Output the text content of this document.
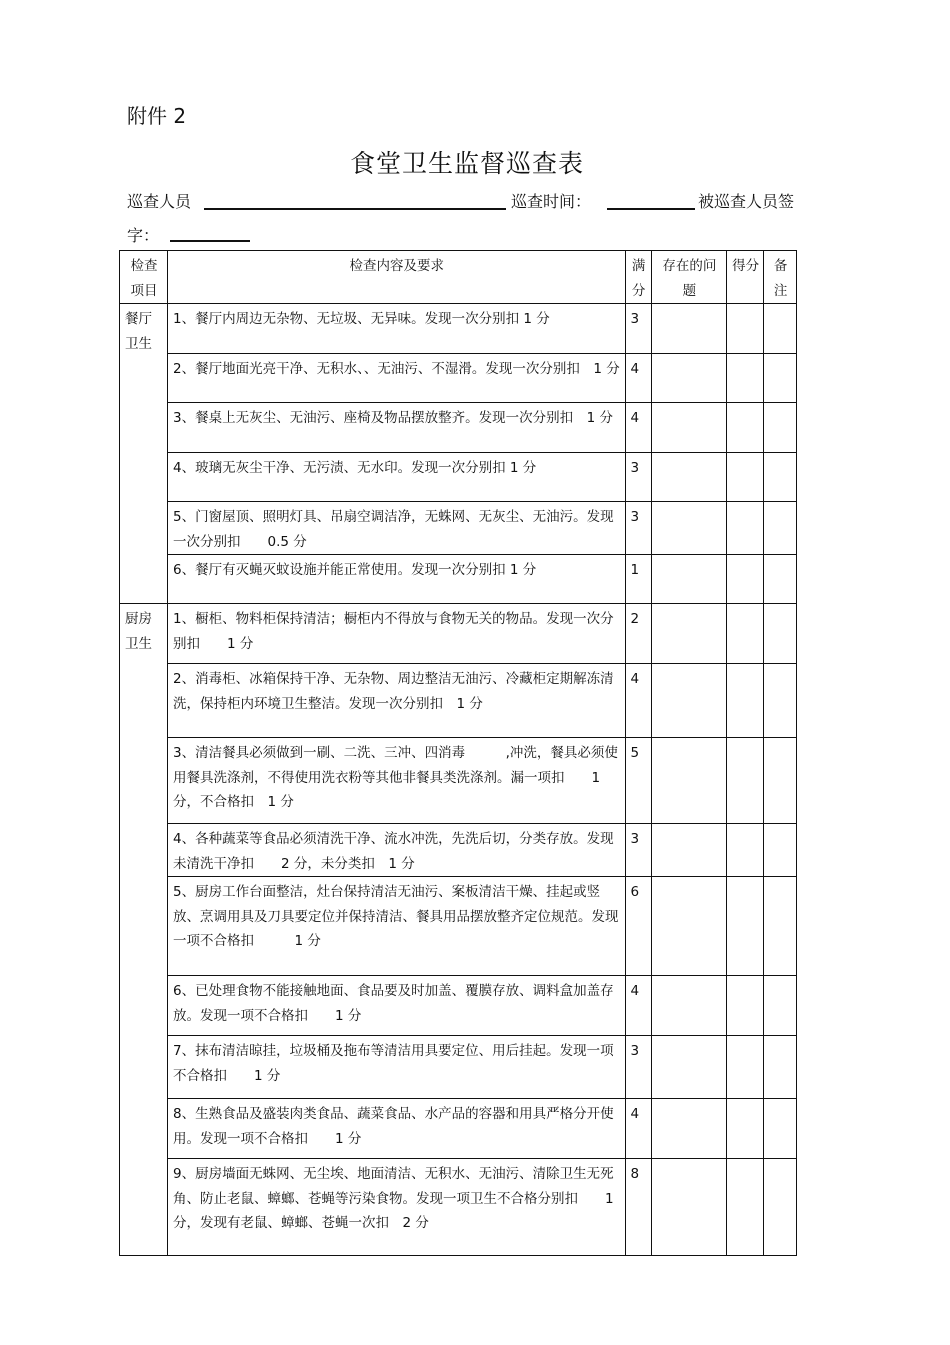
附件 2
食堂卫生监督巡查表
巡查人员	巡查时间：	被巡查人员签
字：
检查项目	检查内容及要求	满分	存在的问题	得分	备注
餐厅卫生	1、餐厅内周边无杂物、无垃圾、无异味。发现一次分别扣 1 分	3			
	2、餐厅地面光亮干净、无积水、、无油污、不湿滑。发现一次分别扣　1 分	4			
	3、餐桌上无灰尘、无油污、座椅及物品摆放整齐。发现一次分别扣　1 分	4			
	4、玻璃无灰尘干净、无污渍、无水印。发现一次分别扣 1 分	3			
	5、门窗屋顶、照明灯具、吊扇空调洁净，无蛛网、无灰尘、无油污。发现一次分别扣　　0.5 分	3			
	6、餐厅有灭蝇灭蚊设施并能正常使用。发现一次分别扣 1 分	1			
厨房卫生	1、橱柜、物料柜保持清洁；橱柜内不得放与食物无关的物品。发现一次分别扣　　1 分	2			
	2、消毒柜、冰箱保持干净、无杂物、周边整洁无油污、冷藏柜定期解冻清洗，保持柜内环境卫生整洁。发现一次分别扣　1 分	4			
	3、清洁餐具必须做到一刷、二洗、三冲、四消毒　　　,冲洗，餐具必须使用餐具洗涤剂，不得使用洗衣粉等其他非餐具类洗涤剂。漏一项扣　　1 分，不合格扣　1 分	5			
	4、各种蔬菜等食品必须清洗干净、流水冲洗，先洗后切，分类存放。发现未清洗干净扣　　2 分，未分类扣　1 分	3			
	5、厨房工作台面整洁，灶台保持清洁无油污、案板清洁干燥、挂起或竖放、烹调用具及刀具要定位并保持清洁、餐具用品摆放整齐定位规范。发现一项不合格扣　　　1 分	6			
	6、已处理食物不能接触地面、食品要及时加盖、覆膜存放、调料盒加盖存放。发现一项不合格扣　　1 分	4			
	7、抹布清洁晾挂，垃圾桶及拖布等清洁用具要定位、用后挂起。发现一项不合格扣　　1 分	3			
	8、生熟食品及盛装肉类食品、蔬菜食品、水产品的容器和用具严格分开使用。发现一项不合格扣　　1 分	4			
	9、厨房墙面无蛛网、无尘埃、地面清洁、无积水、无油污、清除卫生无死角、防止老鼠、蟑螂、苍蝇等污染食物。发现一项卫生不合格分别扣　　1 分，发现有老鼠、蟑螂、苍蝇一次扣　2 分	8			
